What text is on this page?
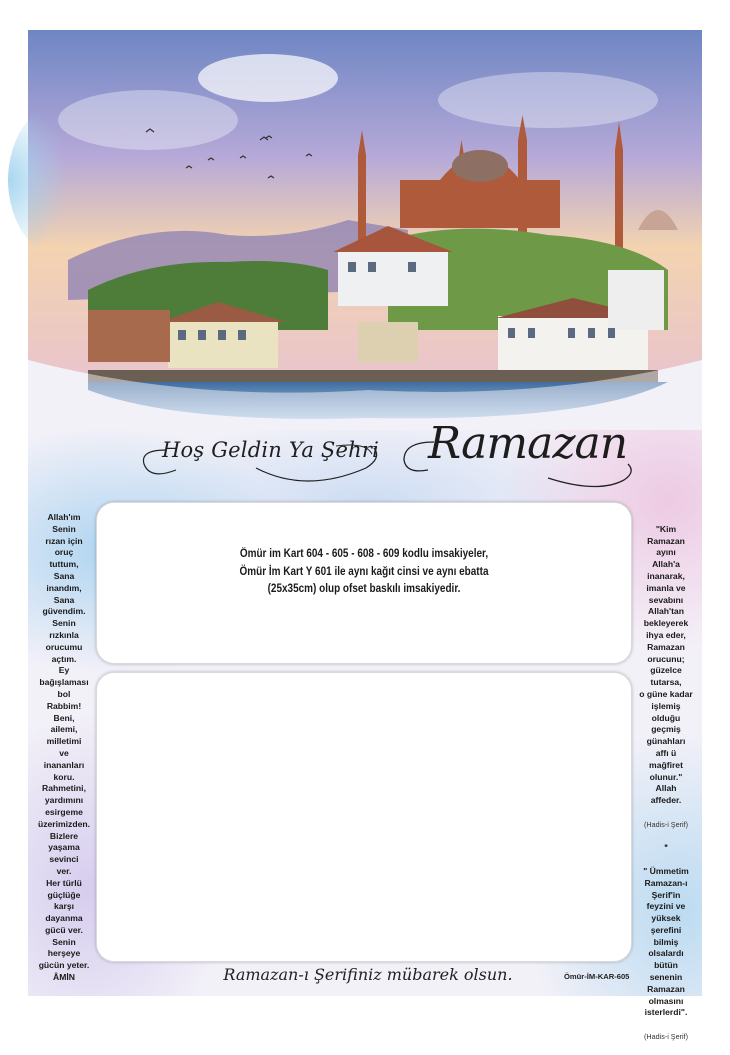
Hoş Geldin Ya Şehri Ramazan
Allah'ım
Senin
rızan için
oruç
tuttum,
Sana
inandım,
Sana
güvendim.
Senin
rızkınla
orucumu
açtım.
Ey
bağışlaması
bol
Rabbim!
Beni,
ailemi,
milletimi
ve
inananları
koru.
Rahmetini,
yardımını
esirgeme
üzerimizden.
Bizlere
yaşama
sevinci
ver.
Her türlü
güçlüğe
karşı
dayanma
gücü ver.
Senin
herşeye
gücün yeter.
ÂMİN

"Kim
Ramazan
ayını
Allah'a
inanarak,
imanla ve
sevabını
Allah'tan
bekleyerek
ihya eder,
Ramazan
orucunu;
güzelce
tutarsa,
o güne kadar
işlemiş
olduğu
geçmiş
günahları
affı ü
mağfiret
olunur."
Allah
affeder.

(Hadis-i Şerif)

*

" Ümmetim
Ramazan-ı
Şerif'in
feyzini ve
yüksek
şerefini
bilmiş
olsalardı
bütün
senenin
Ramazan
olmasını
isterlerdi".

(Hadis-i Şerif)

Ömür im Kart 604 - 605 - 608 - 609 kodlu imsakiyeler,
Ömür İm Kart Y 601 ile aynı kağıt cinsi ve aynı ebatta
(25x35cm) olup ofset baskılı imsakiyedir.
Ramazan-ı Şerifiniz mübarek olsun.	Ömür-İM-KAR-605
